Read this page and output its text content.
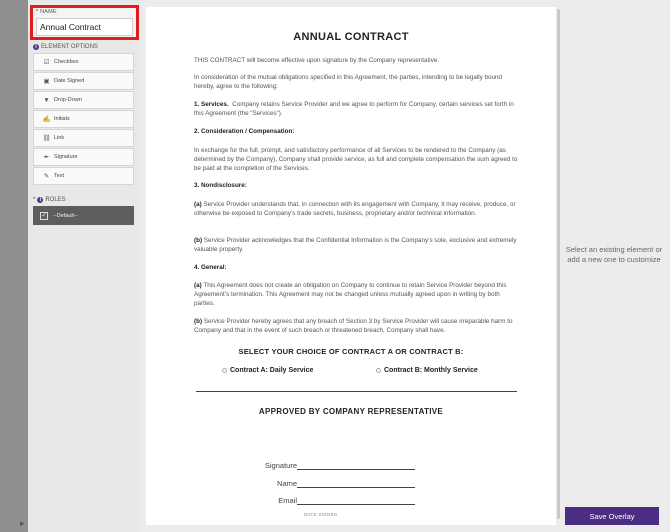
▸
* NAME
Annual Contract
i ELEMENT OPTIONS
☑ Checkbox
▣ Date Signed
▼ Drop-Down
✍ Initials
⛓ Link
✒ Signature
✎ Text
* i ROLES
✓ --Default--
ANNUAL CONTRACT
THIS CONTRACT will become effective upon signature by the Company representative.
In consideration of the mutual obligations specified in this Agreement, the parties, intending to be legally bound hereby, agree to the following:
1. Services. Company retains Service Provider and we agree to perform for Company, certain services set forth in this Agreement (the “Services”).
2. Consideration / Compensation:
In exchange for the full, prompt, and satisfactory performance of all Services to be rendered to the Company (as determined by the Company), Company shall provide service, as full and complete compensation the sum agreed to be paid at the completion of the Services.
3. Nondisclosure:
(a) Service Provider understands that, in connection with its engagement with Company, it may receive, produce, or otherwise be exposed to Company’s trade secrets, business, proprietary and/or technical information.
(b) Service Provider acknowledges that the Confidential Information is the Company’s sole, exclusive and extremely valuable property.
4. General:
(a) This Agreement does not create an obligation on Company to continue to retain Service Provider beyond this Agreement’s termination. This Agreement may not be changed unless mutually agreed upon in writing by both parties.
(b) Service Provider hereby agrees that any breach of Section 3 by Service Provider will cause irreparable harm to Company and that in the event of such breach or threatened breach, Company shall have.
SELECT YOUR CHOICE OF CONTRACT A OR CONTRACT B:
Contract A: Daily Service	Contract B: Monthly Service
APPROVED BY COMPANY REPRESENTATIVE
Signature
Name
Email
DATE SIGNED
Select an existing element or add a new one to customize
Save Overlay
